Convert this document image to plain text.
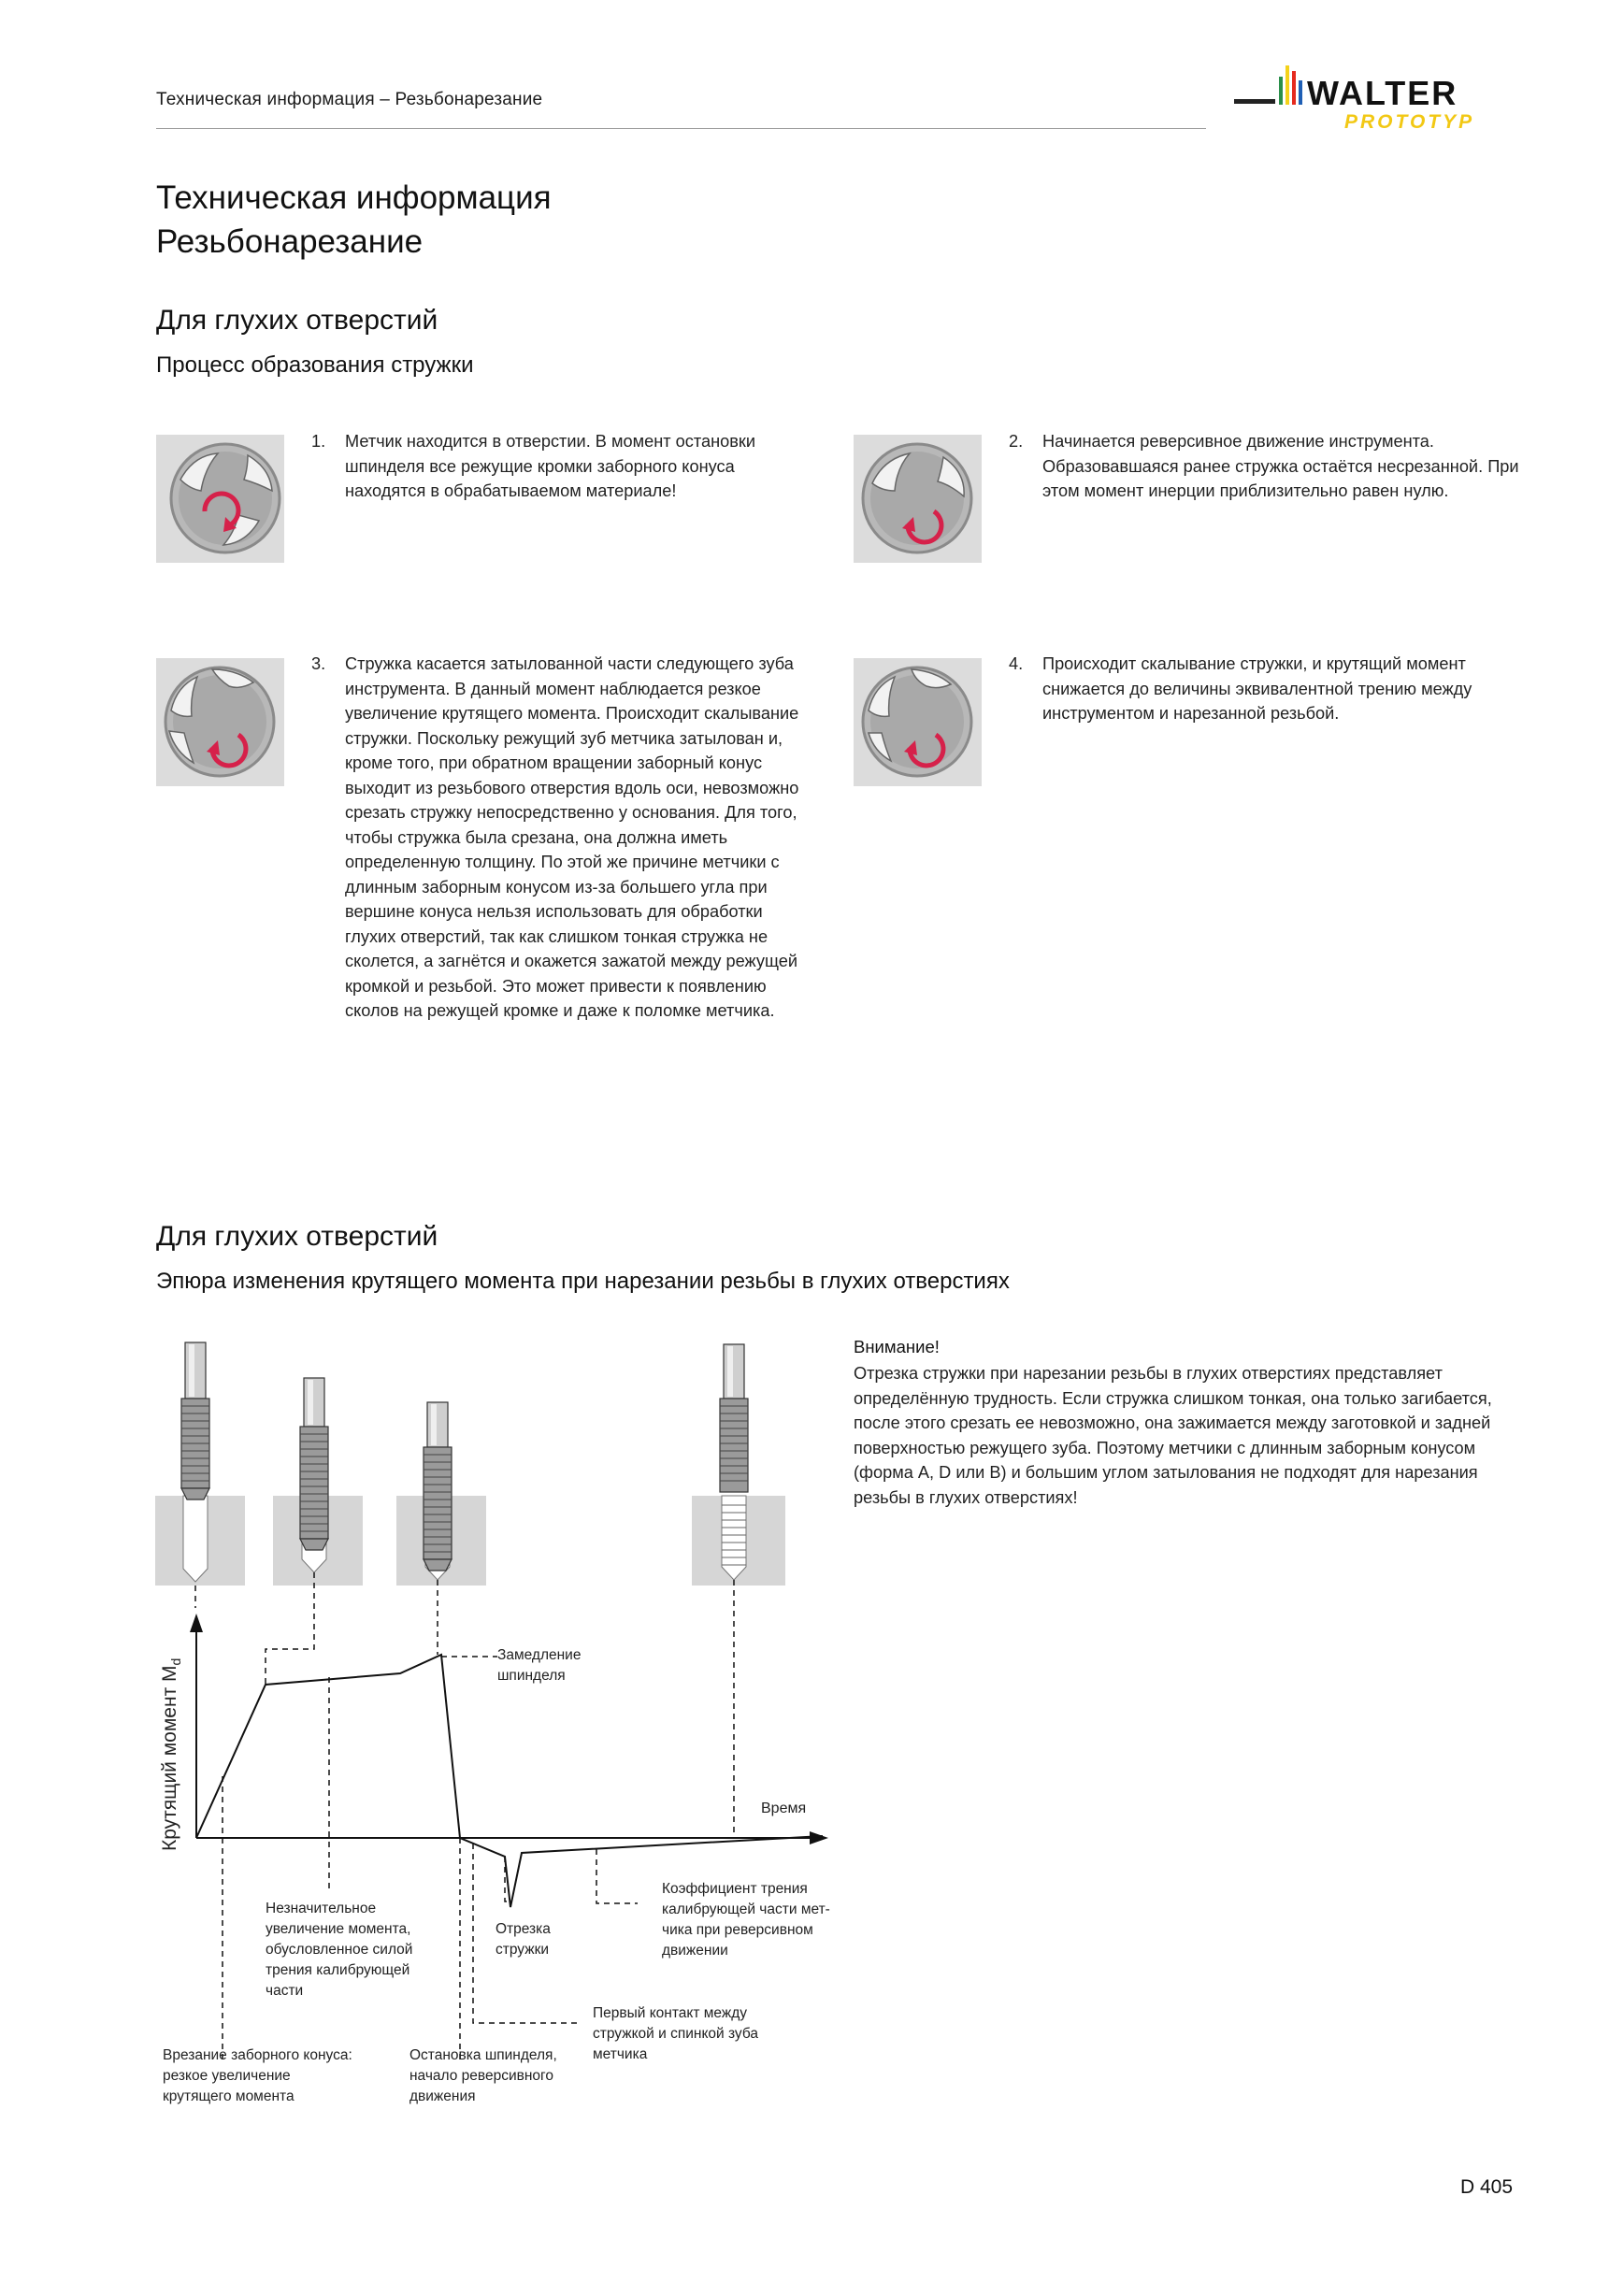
Техническая информация – Резьбонарезание	WALTER
PROTOTYP
Техническая информация
Резьбонарезание
Для глухих отверстий
Процесс образования стружки
1. Метчик находится в отверстии. В момент остановки шпинделя все режущие кромки заборного конуса находятся в обрабатываемом материале!
2. Начинается реверсивное движение инструмента. Образовавшаяся ранее стружка остаётся несрезанной. При этом момент инерции приблизительно равен нулю.
3. Стружка касается затылованной части следующего зуба инструмента. В данный момент наблюдается резкое увеличение крутящего момента. Происходит скалывание стружки. Поскольку режущий зуб метчика затылован и, кроме того, при обратном вращении заборный конус выходит из резьбового отверстия вдоль оси, невозможно срезать стружку непосредственно у основания. Для того, чтобы стружка была срезана, она должна иметь определенную толщину. По этой же причине метчики с длинным заборным конусом из-за большего угла при вершине конуса нельзя использовать для обработки глухих отверстий, так как слишком тонкая стружка не сколется, а загнётся и окажется зажатой между режущей кромкой и резьбой. Это может привести к появлению сколов на режущей кромке и даже к поломке метчика.
4. Происходит скалывание стружки, и крутящий момент снижается до величины эквивалентной трению между инструментом и нарезанной резьбой.
Для глухих отверстий
Эпюра изменения крутящего момента при нарезании резьбы в глухих отверстиях
Внимание!
Отрезка стружки при нарезании резьбы в глухих отверстиях представляет определённую трудность. Если стружка слишком тонкая, она только загибается, после этого срезать ее невозможно, она зажимается между заготовкой и задней поверхностью режущего зуба. Поэтому метчики с длинным заборным конусом (форма A, D или B) и большим углом затылования не подходят для нарезания резьбы в глухих отверстиях!
Крутящий момент $M_d$
Время
Замедление
шпинделя
Незначительное
увеличение момента,
обусловленное силой
трения калибрующей
части
Отрезка
стружки
Коэффициент трения
калибрующей части мет-
чика при реверсивном
движении
Первый контакт между
стружкой и спинкой зуба
метчика
Врезание заборного конуса:
резкое увеличение
крутящего момента
Остановка шпинделя,
начало реверсивного
движения
D 405
